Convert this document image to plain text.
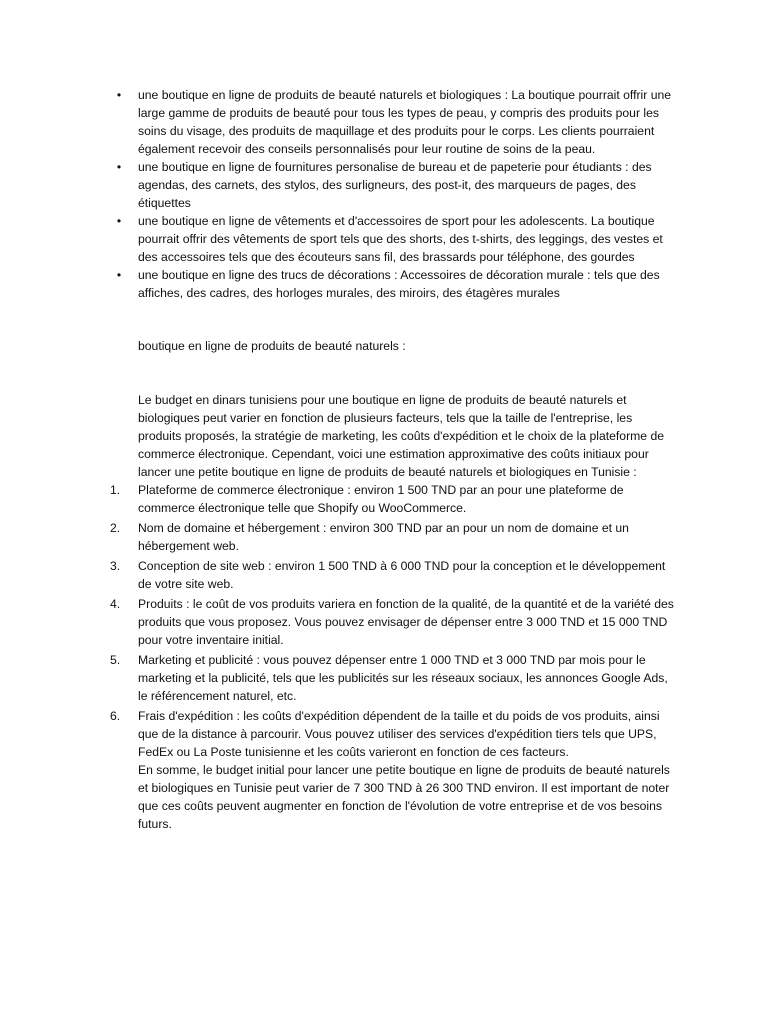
• une boutique en ligne de produits de beauté naturels et biologiques : La boutique pourrait offrir une large gamme de produits de beauté pour tous les types de peau, y compris des produits pour les soins du visage, des produits de maquillage et des produits pour le corps. Les clients pourraient également recevoir des conseils personnalisés pour leur routine de soins de la peau.
• une boutique en ligne de fournitures personalise de bureau et de papeterie pour étudiants : des agendas, des carnets, des stylos, des surligneurs, des post-it, des marqueurs de pages, des étiquettes
• une boutique en ligne de vêtements et d'accessoires de sport pour les adolescents. La boutique pourrait offrir des vêtements de sport tels que des shorts, des t-shirts, des leggings, des vestes et des accessoires tels que des écouteurs sans fil, des brassards pour téléphone, des gourdes
• une boutique en ligne des trucs de décorations : Accessoires de décoration murale : tels que des affiches, des cadres, des horloges murales, des miroirs, des étagères murales
boutique en ligne de produits de beauté naturels :
Le budget en dinars tunisiens pour une boutique en ligne de produits de beauté naturels et biologiques peut varier en fonction de plusieurs facteurs, tels que la taille de l'entreprise, les produits proposés, la stratégie de marketing, les coûts d'expédition et le choix de la plateforme de commerce électronique. Cependant, voici une estimation approximative des coûts initiaux pour lancer une petite boutique en ligne de produits de beauté naturels et biologiques en Tunisie :
1.	Plateforme de commerce électronique : environ 1 500 TND par an pour une plateforme de commerce électronique telle que Shopify ou WooCommerce.
2.	Nom de domaine et hébergement : environ 300 TND par an pour un nom de domaine et un hébergement web.
3.	Conception de site web : environ 1 500 TND à 6 000 TND pour la conception et le développement de votre site web.
4.	Produits : le coût de vos produits variera en fonction de la qualité, de la quantité et de la variété des produits que vous proposez. Vous pouvez envisager de dépenser entre 3 000 TND et 15 000 TND pour votre inventaire initial.
5.	Marketing et publicité : vous pouvez dépenser entre 1 000 TND et 3 000 TND par mois pour le marketing et la publicité, tels que les publicités sur les réseaux sociaux, les annonces Google Ads, le référencement naturel, etc.
6.	Frais d'expédition : les coûts d'expédition dépendent de la taille et du poids de vos produits, ainsi que de la distance à parcourir. Vous pouvez utiliser des services d'expédition tiers tels que UPS, FedEx ou La Poste tunisienne et les coûts varieront en fonction de ces facteurs.
En somme, le budget initial pour lancer une petite boutique en ligne de produits de beauté naturels et biologiques en Tunisie peut varier de 7 300 TND à 26 300 TND environ. Il est important de noter que ces coûts peuvent augmenter en fonction de l'évolution de votre entreprise et de vos besoins futurs.
